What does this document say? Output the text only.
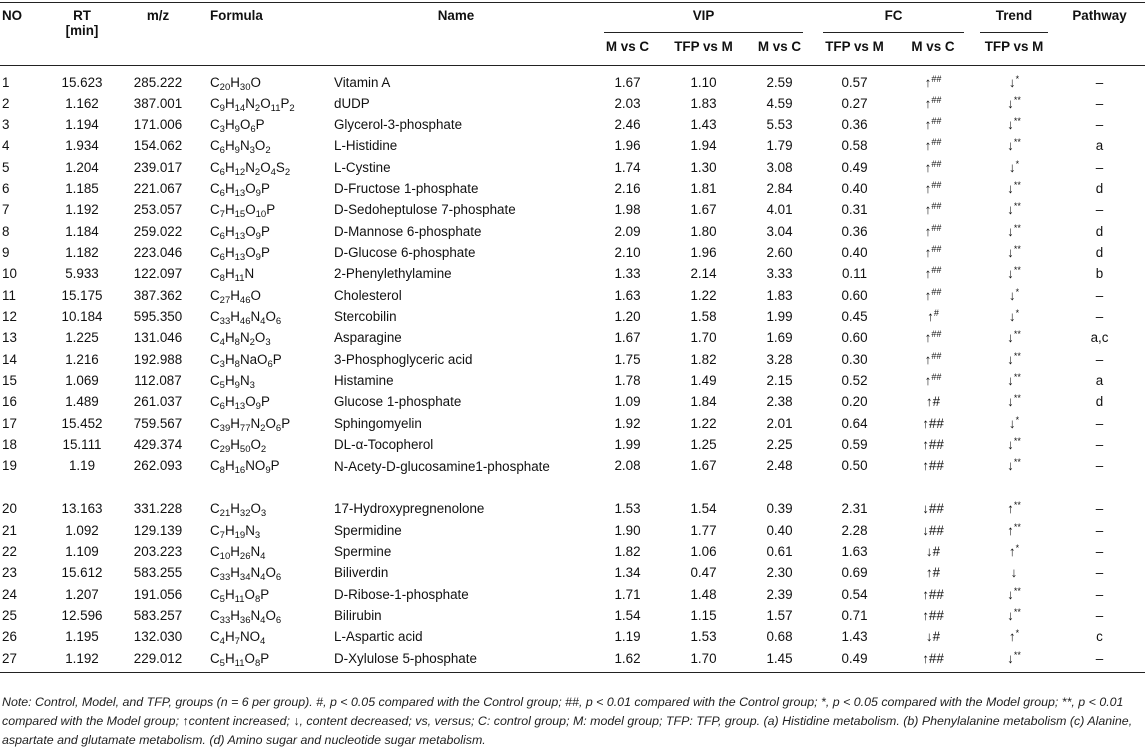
NO	RT
[min]	m/z	Formula	Name	VIP			FC		Trend	Pathway
					M vs C	TFP vs M	M vs C	TFP vs M	M vs C	TFP vs M	
1	15.623	285.222	$C_{20}H_{30}O$	Vitamin A	1.67	1.10	2.59	0.57	↑##	↓*	–
2	1.162	387.001	$C_9H_{14}N_2O_{11}P_2$	dUDP	2.03	1.83	4.59	0.27	↑##	↓**	–
3	1.194	171.006	$C_3H_9O_6P$	Glycerol-3-phosphate	2.46	1.43	5.53	0.36	↑##	↓**	–
4	1.934	154.062	$C_6H_9N_3O_2$	L-Histidine	1.96	1.94	1.79	0.58	↑##	↓**	a
5	1.204	239.017	$C_6H_{12}N_2O_4S_2$	L-Cystine	1.74	1.30	3.08	0.49	↑##	↓*	–
6	1.185	221.067	$C_6H_{13}O_9P$	D-Fructose 1-phosphate	2.16	1.81	2.84	0.40	↑##	↓**	d
7	1.192	253.057	$C_7H_{15}O_{10}P$	D-Sedoheptulose 7-phosphate	1.98	1.67	4.01	0.31	↑##	↓**	–
8	1.184	259.022	$C_6H_{13}O_9P$	D-Mannose 6-phosphate	2.09	1.80	3.04	0.36	↑##	↓**	d
9	1.182	223.046	$C_6H_{13}O_9P$	D-Glucose 6-phosphate	2.10	1.96	2.60	0.40	↑##	↓**	d
10	5.933	122.097	$C_8H_{11}N$	2-Phenylethylamine	1.33	2.14	3.33	0.11	↑##	↓**	b
11	15.175	387.362	$C_{27}H_{46}O$	Cholesterol	1.63	1.22	1.83	0.60	↑##	↓*	–
12	10.184	595.350	$C_{33}H_{46}N_4O_6$	Stercobilin	1.20	1.58	1.99	0.45	↑#	↓*	–
13	1.225	131.046	$C_4H_8N_2O_3$	Asparagine	1.67	1.70	1.69	0.60	↑##	↓**	a,c
14	1.216	192.988	$C_3H_8NaO_6P$	3-Phosphoglyceric acid	1.75	1.82	3.28	0.30	↑##	↓**	–
15	1.069	112.087	$C_5H_9N_3$	Histamine	1.78	1.49	2.15	0.52	↑##	↓**	a
16	1.489	261.037	$C_6H_{13}O_9P$	Glucose 1-phosphate	1.09	1.84	2.38	0.20	↑#	↓**	d
17	15.452	759.567	$C_{39}H_{77}N_2O_6P$	Sphingomyelin	1.92	1.22	2.01	0.64	↑##	↓*	–
18	15.111	429.374	$C_{29}H_{50}O_2$	DL-α-Tocopherol	1.99	1.25	2.25	0.59	↑##	↓**	–
19	1.19	262.093	$C_8H_{16}NO_9P$	N-Acety-D-glucosamine1-phosphate	2.08	1.67	2.48	0.50	↑##	↓**	–
20	13.163	331.228	$C_{21}H_{32}O_3$	17-Hydroxypregnenolone	1.53	1.54	0.39	2.31	↓##	↑**	–
21	1.092	129.139	$C_7H_{19}N_3$	Spermidine	1.90	1.77	0.40	2.28	↓##	↑**	–
22	1.109	203.223	$C_{10}H_{26}N_4$	Spermine	1.82	1.06	0.61	1.63	↓#	↑*	–
23	15.612	583.255	$C_{33}H_{34}N_4O_6$	Biliverdin	1.34	0.47	2.30	0.69	↑#	↓	–
24	1.207	191.056	$C_5H_{11}O_8P$	D-Ribose-1-phosphate	1.71	1.48	2.39	0.54	↑##	↓**	–
25	12.596	583.257	$C_{33}H_{36}N_4O_6$	Bilirubin	1.54	1.15	1.57	0.71	↑##	↓**	–
26	1.195	132.030	$C_4H_7NO_4$	L-Aspartic acid	1.19	1.53	0.68	1.43	↓#	↑*	c
27	1.192	229.012	$C_5H_{11}O_8P$	D-Xylulose 5-phosphate	1.62	1.70	1.45	0.49	↑##	↓**	–
Note: Control, Model, and TFP, groups (n = 6 per group). #, p < 0.05 compared with the Control group; ##, p < 0.01 compared with the Control group; *, p < 0.05 compared with the Model group; **, p < 0.01 compared with the Model group; ↑content increased; ↓, content decreased; vs, versus; C: control group; M: model group; TFP: TFP, group. (a) Histidine metabolism. (b) Phenylalanine metabolism (c) Alanine, aspartate and glutamate metabolism. (d) Amino sugar and nucleotide sugar metabolism.
